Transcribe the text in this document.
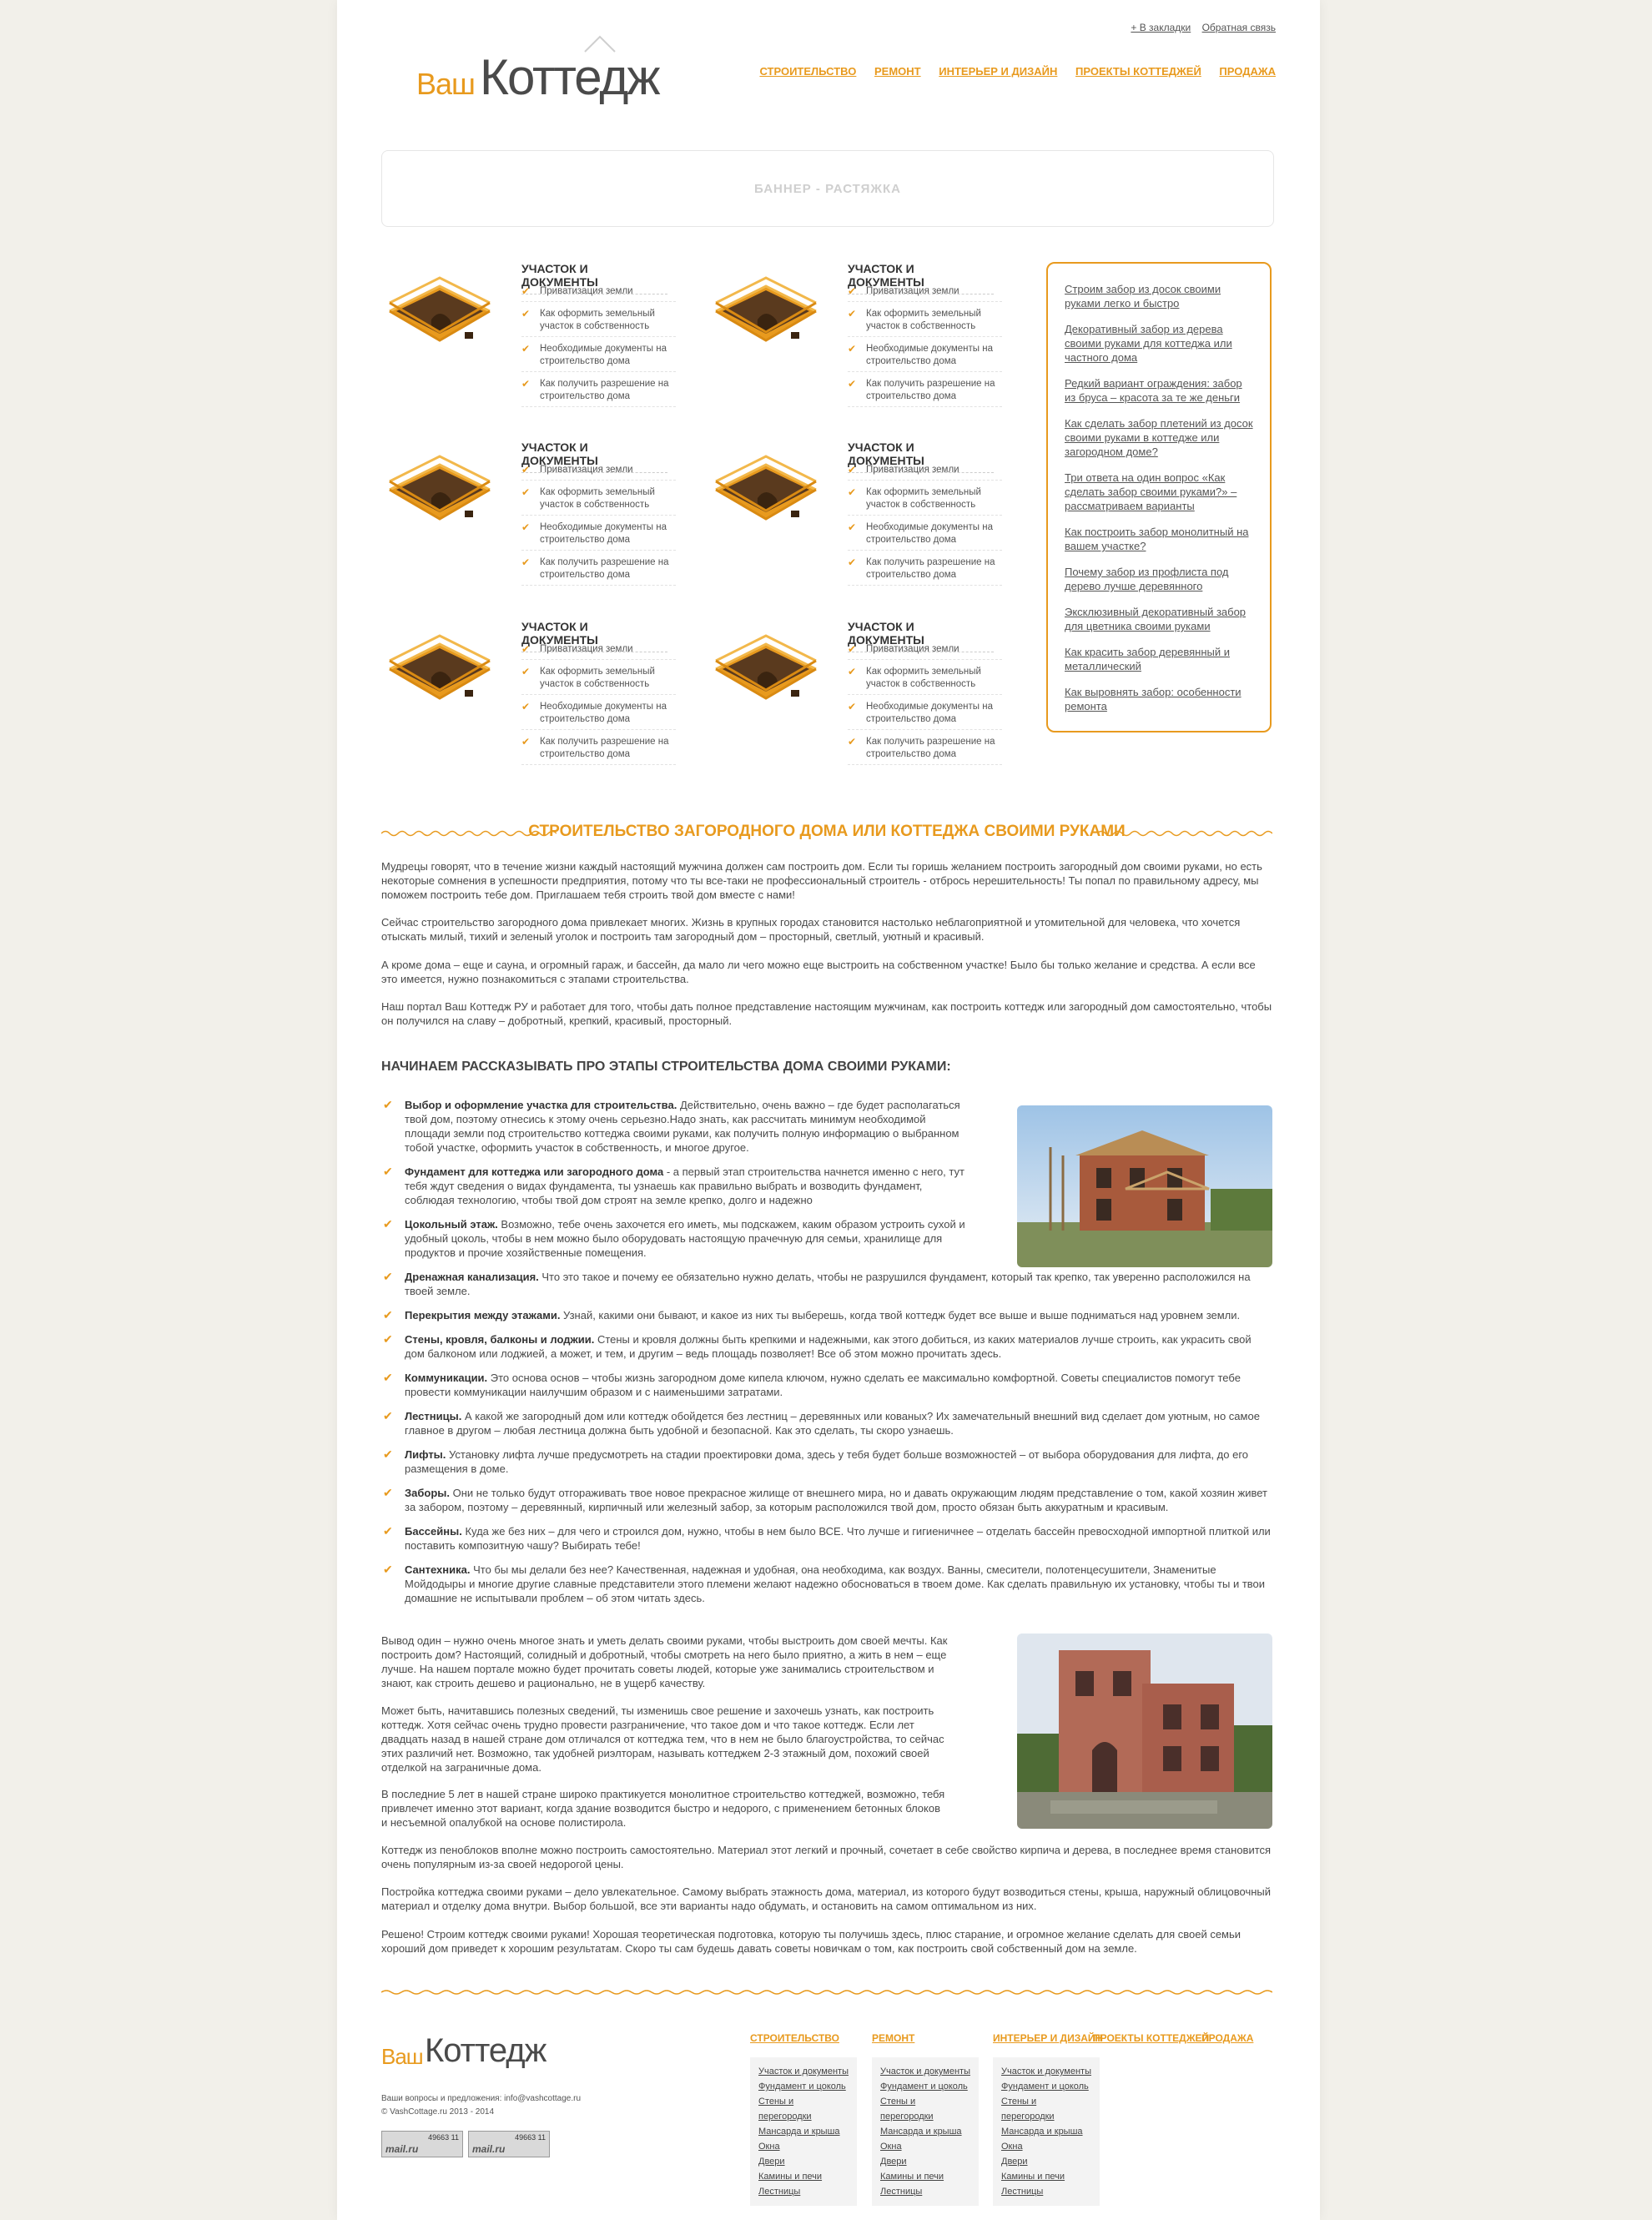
+ В закладки Обратная связь
Ваш Коттедж	СТРОИТЕЛЬСТВО РЕМОНТ ИНТЕРЬЕР И ДИЗАЙН ПРОЕКТЫ КОТТЕДЖЕЙ ПРОДАЖА
БАННЕР - РАСТЯЖКА
УЧАСТОК И ДОКУМЕНТЫ
✔ Приватизация земли
✔ Как оформить земельный участок в собственность
✔ Необходимые документы на строительство дома
✔ Как получить разрешение на строительство дома
УЧАСТОК И ДОКУМЕНТЫ
✔ Приватизация земли
✔ Как оформить земельный участок в собственность
✔ Необходимые документы на строительство дома
✔ Как получить разрешение на строительство дома
УЧАСТОК И ДОКУМЕНТЫ
✔ Приватизация земли
✔ Как оформить земельный участок в собственность
✔ Необходимые документы на строительство дома
✔ Как получить разрешение на строительство дома
УЧАСТОК И ДОКУМЕНТЫ
✔ Приватизация земли
✔ Как оформить земельный участок в собственность
✔ Необходимые документы на строительство дома
✔ Как получить разрешение на строительство дома
УЧАСТОК И ДОКУМЕНТЫ
✔ Приватизация земли
✔ Как оформить земельный участок в собственность
✔ Необходимые документы на строительство дома
✔ Как получить разрешение на строительство дома
УЧАСТОК И ДОКУМЕНТЫ
✔ Приватизация земли
✔ Как оформить земельный участок в собственность
✔ Необходимые документы на строительство дома
✔ Как получить разрешение на строительство дома
Строим забор из досок своими руками легко и быстро
Декоративный забор из дерева своими руками для коттеджа или частного дома
Редкий вариант ограждения: забор из бруса – красота за те же деньги
Как сделать забор плетений из досок своими руками в коттедже или загородном доме?
Три ответа на один вопрос «Как сделать забор своими руками?» – рассматриваем варианты
Как построить забор монолитный на вашем участке?
Почему забор из профлиста под дерево лучше деревянного
Эксклюзивный декоративный забор для цветника своими руками
Как красить забор деревянный и металлический
Как выровнять забор: особенности ремонта
СТРОИТЕЛЬСТВО ЗАГОРОДНОГО ДОМА ИЛИ КОТТЕДЖА СВОИМИ РУКАМИ

Мудрецы говорят, что в течение жизни каждый настоящий мужчина должен сам построить дом. Если ты горишь желанием построить загородный дом своими руками, но есть некоторые сомнения в успешности предприятия, потому что ты все-таки не профессиональный строитель - отбрось нерешительность! Ты попал по правильному адресу, мы поможем построить тебе дом. Приглашаем тебя строить твой дом вместе с нами!

Сейчас строительство загородного дома привлекает многих. Жизнь в крупных городах становится настолько неблагоприятной и утомительной для человека, что хочется отыскать милый, тихий и зеленый уголок и построить там загородный дом – просторный, светлый, уютный и красивый.

А кроме дома – еще и сауна, и огромный гараж, и бассейн, да мало ли чего можно еще выстроить на собственном участке! Было бы только желание и средства. А если все это имеется, нужно познакомиться с этапами строительства.

Наш портал Ваш Коттедж РУ и работает для того, чтобы дать полное представление настоящим мужчинам, как построить коттедж или загородный дом самостоятельно, чтобы он получился на славу – добротный, крепкий, красивый, просторный.

НАЧИНАЕМ РАССКАЗЫВАТЬ ПРО ЭТАПЫ СТРОИТЕЛЬСТВА ДОМА СВОИМИ РУКАМИ:
✔ Выбор и оформление участка для строительства. Действительно, очень важно – где будет располагаться твой дом, поэтому отнесись к этому очень серьезно.Надо знать, как рассчитать минимум необходимой площади земли под строительство коттеджа своими руками, как получить полную информацию о выбранном тобой участке, оформить участок в собственность, и многое другое.
✔ Фундамент для коттеджа или загородного дома - а первый этап строительства начнется именно с него, тут тебя ждут сведения о видах фундамента, ты узнаешь как правильно выбрать и возводить фундамент, соблюдая технологию, чтобы твой дом строят на земле крепко, долго и надежно
✔ Цокольный этаж. Возможно, тебе очень захочется его иметь, мы подскажем, каким образом устроить сухой и удобный цоколь, чтобы в нем можно было оборудовать настоящую прачечную для семьи, хранилище для продуктов и прочие хозяйственные помещения.
✔ Дренажная канализация. Что это такое и почему ее обязательно нужно делать, чтобы не разрушился фундамент, который так крепко, так уверенно расположился на твоей земле.
✔ Перекрытия между этажами. Узнай, какими они бывают, и какое из них ты выберешь, когда твой коттедж будет все выше и выше подниматься над уровнем земли.
✔ Стены, кровля, балконы и лоджии. Стены и кровля должны быть крепкими и надежными, как этого добиться, из каких материалов лучше строить, как украсить свой дом балконом или лоджией, а может, и тем, и другим – ведь площадь позволяет! Все об этом можно прочитать здесь.
✔ Коммуникации. Это основа основ – чтобы жизнь загородном доме кипела ключом, нужно сделать ее максимально комфортной. Советы специалистов помогут тебе провести коммуникации наилучшим образом и с наименьшими затратами.
✔ Лестницы. А какой же загородный дом или коттедж обойдется без лестниц – деревянных или кованых? Их замечательный внешний вид сделает дом уютным, но самое главное в другом – любая лестница должна быть удобной и безопасной. Как это сделать, ты скоро узнаешь.
✔ Лифты. Установку лифта лучше предусмотреть на стадии проектировки дома, здесь у тебя будет больше возможностей – от выбора оборудования для лифта, до его размещения в доме.
✔ Заборы. Они не только будут отгораживать твое новое прекрасное жилище от внешнего мира, но и давать окружающим людям представление о том, какой хозяин живет за забором, поэтому – деревянный, кирпичный или железный забор, за которым расположился твой дом, просто обязан быть аккуратным и красивым.
✔ Бассейны. Куда же без них – для чего и строился дом, нужно, чтобы в нем было ВСЕ. Что лучше и гигиеничнее – отделать бассейн превосходной импортной плиткой или поставить композитную чашу? Выбирать тебе!
✔ Сантехника. Что бы мы делали без нее? Качественная, надежная и удобная, она необходима, как воздух. Ванны, смесители, полотенцесушители, Знаменитые Мойдодыры и многие другие славные представители этого племени желают надежно обосноваться в твоем доме. Как сделать правильную их установку, чтобы ты и твои домашние не испытывали проблем – об этом читать здесь.

Вывод один – нужно очень многое знать и уметь делать своими руками, чтобы выстроить дом своей мечты. Как построить дом? Настоящий, солидный и добротный, чтобы смотреть на него было приятно, а жить в нем – еще лучше. На нашем портале можно будет прочитать советы людей, которые уже занимались строительством и знают, как строить дешево и рационально, не в ущерб качеству.

Может быть, начитавшись полезных сведений, ты изменишь свое решение и захочешь узнать, как построить коттедж. Хотя сейчас очень трудно провести разграничение, что такое дом и что такое коттедж. Если лет двадцать назад в нашей стране дом отличался от коттеджа тем, что в нем не было благоустройства, то сейчас этих различий нет. Возможно, так удобней риэлторам, называть коттеджем 2-3 этажный дом, похожий своей отделкой на заграничные дома.

В последние 5 лет в нашей стране широко практикуется монолитное строительство коттеджей, возможно, тебя привлечет именно этот вариант, когда здание возводится быстро и недорого, с применением бетонных блоков и несъемной опалубкой на основе полистирола.

Коттедж из пеноблоков вполне можно построить самостоятельно. Материал этот легкий и прочный, сочетает в себе свойство кирпича и дерева, в последнее время становится очень популярным из-за своей недорогой цены.

Постройка коттеджа своими руками – дело увлекательное. Самому выбрать этажность дома, материал, из которого будут возводиться стены, крыша, наружный облицовочный материал и отделку дома внутри. Выбор большой, все эти варианты надо обдумать, и остановить на самом оптимальном из них.

Решено! Строим коттедж своими руками! Хорошая теоретическая подготовка, которую ты получишь здесь, плюс старание, и огромное желание сделать для своей семьи хороший дом приведет к хорошим результатам. Скоро ты сам будешь давать советы новичкам о том, как построить свой собственный дом на земле.

Ваш Коттедж
Ваши вопросы и предложения: info@vashcottage.ru
© VashCottage.ru 2013 - 2014
49663 11
mail.ru
49663 11
mail.ru
СТРОИТЕЛЬСТВО	РЕМОНТ	ИНТЕРЬЕР И ДИЗАЙН
ПРОЕКТЫ КОТТЕДЖЕЙ
ПРОДАЖА
Участок и документы
Фундамент и цоколь
Стены и перегородки
Мансарда и крыша
Окна
Двери
Камины и печи
Лестницы
Участок и документы
Фундамент и цоколь
Стены и перегородки
Мансарда и крыша
Окна
Двери
Камины и печи
Лестницы
Участок и документы
Фундамент и цоколь
Стены и перегородки
Мансарда и крыша
Окна
Двери
Камины и печи
Лестницы
